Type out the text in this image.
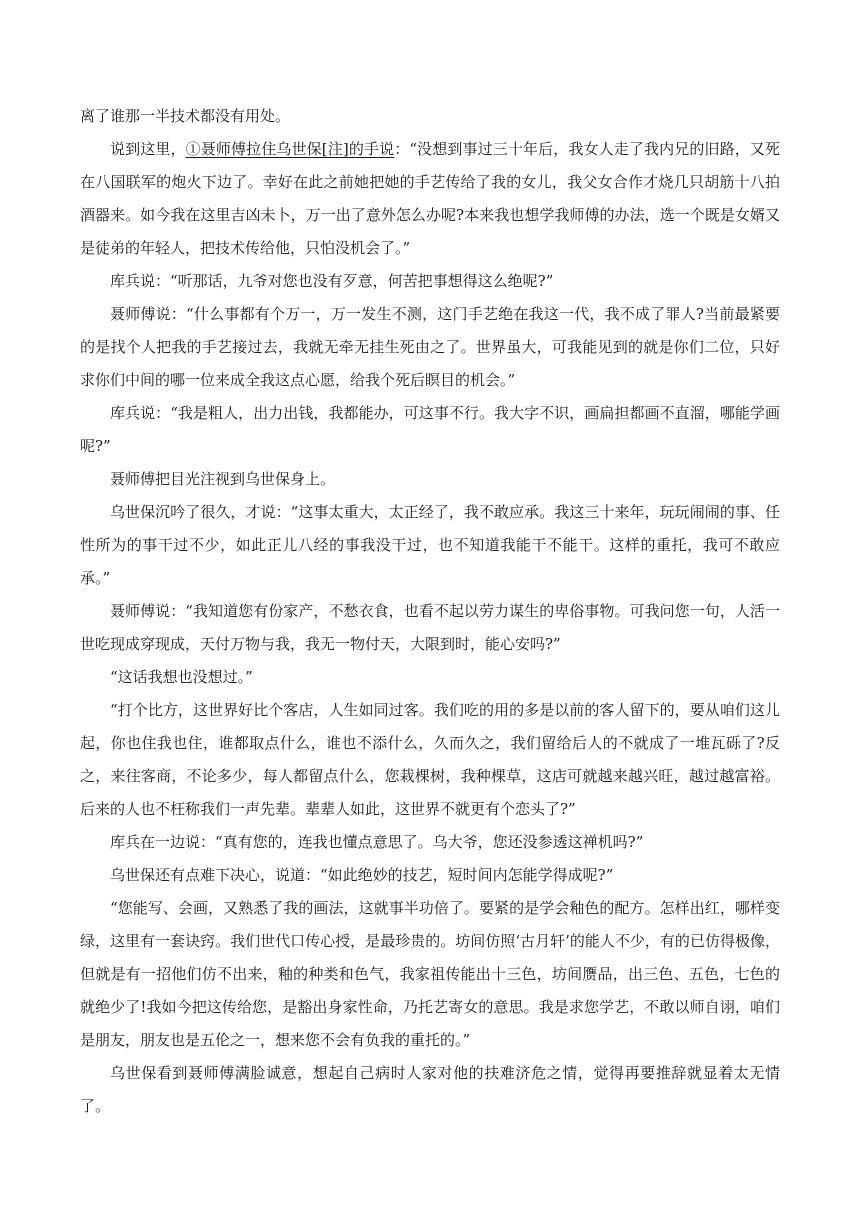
离了谁那一半技术都没有用处。

说到这里，①聂师傅拉住乌世保[注]的手说：“没想到事过三十年后，我女人走了我内兄的旧路，又死在八国联军的炮火下边了。幸好在此之前她把她的手艺传给了我的女儿，我父女合作才烧几只胡筋十八拍酒器来。如今我在这里吉凶未卜，万一出了意外怎么办呢?本来我也想学我师傅的办法，选一个既是女婿又是徒弟的年轻人，把技术传给他，只怕没机会了。”

库兵说：“听那话，九爷对您也没有歹意，何苦把事想得这么绝呢?”

聂师傅说：“什么事都有个万一，万一发生不测，这门手艺绝在我这一代，我不成了罪人?当前最紧要的是找个人把我的手艺接过去，我就无牵无挂生死由之了。世界虽大，可我能见到的就是你们二位，只好求你们中间的哪一位来成全我这点心愿，给我个死后瞑目的机会。”

库兵说：“我是粗人，出力出钱，我都能办，可这事不行。我大字不识，画扁担都画不直溜，哪能学画呢?”

聂师傅把目光注视到乌世保身上。

乌世保沉吟了很久，才说：“这事太重大，太正经了，我不敢应承。我这三十来年，玩玩闹闹的事、任性所为的事干过不少，如此正儿八经的事我没干过，也不知道我能干不能干。这样的重托，我可不敢应承。”

聂师傅说：“我知道您有份家产，不愁衣食，也看不起以劳力谋生的卑俗事物。可我问您一句，人活一世吃现成穿现成，天付万物与我，我无一物付天，大限到时，能心安吗?”

“这话我想也没想过。”

“打个比方，这世界好比个客店，人生如同过客。我们吃的用的多是以前的客人留下的，要从咱们这儿起，你也住我也住，谁都取点什么，谁也不添什么，久而久之，我们留给后人的不就成了一堆瓦砾了?反之，来往客商，不论多少，每人都留点什么，您栽棵树，我种棵草，这店可就越来越兴旺，越过越富裕。后来的人也不枉称我们一声先辈。辈辈人如此，这世界不就更有个恋头了?”

库兵在一边说：“真有您的，连我也懂点意思了。乌大爷，您还没参透这禅机吗?”

乌世保还有点难下决心，说道：“如此绝妙的技艺，短时间内怎能学得成呢?”

“您能写、会画，又熟悉了我的画法，这就事半功倍了。要紧的是学会釉色的配方。怎样出红，哪样变绿，这里有一套诀窍。我们世代口传心授，是最珍贵的。坊间仿照‘古月轩’的能人不少，有的已仿得极像，但就是有一招他们仿不出来，釉的种类和色气，我家祖传能出十三色，坊间赝品，出三色、五色，七色的就绝少了!我如今把这传给您，是豁出身家性命，乃托艺寄女的意思。我是求您学艺，不敢以师自诩，咱们是朋友，朋友也是五伦之一，想来您不会有负我的重托的。”

乌世保看到聂师傅满脸诚意，想起自己病时人家对他的扶难济危之情，觉得再要推辞就显着太无情了。
